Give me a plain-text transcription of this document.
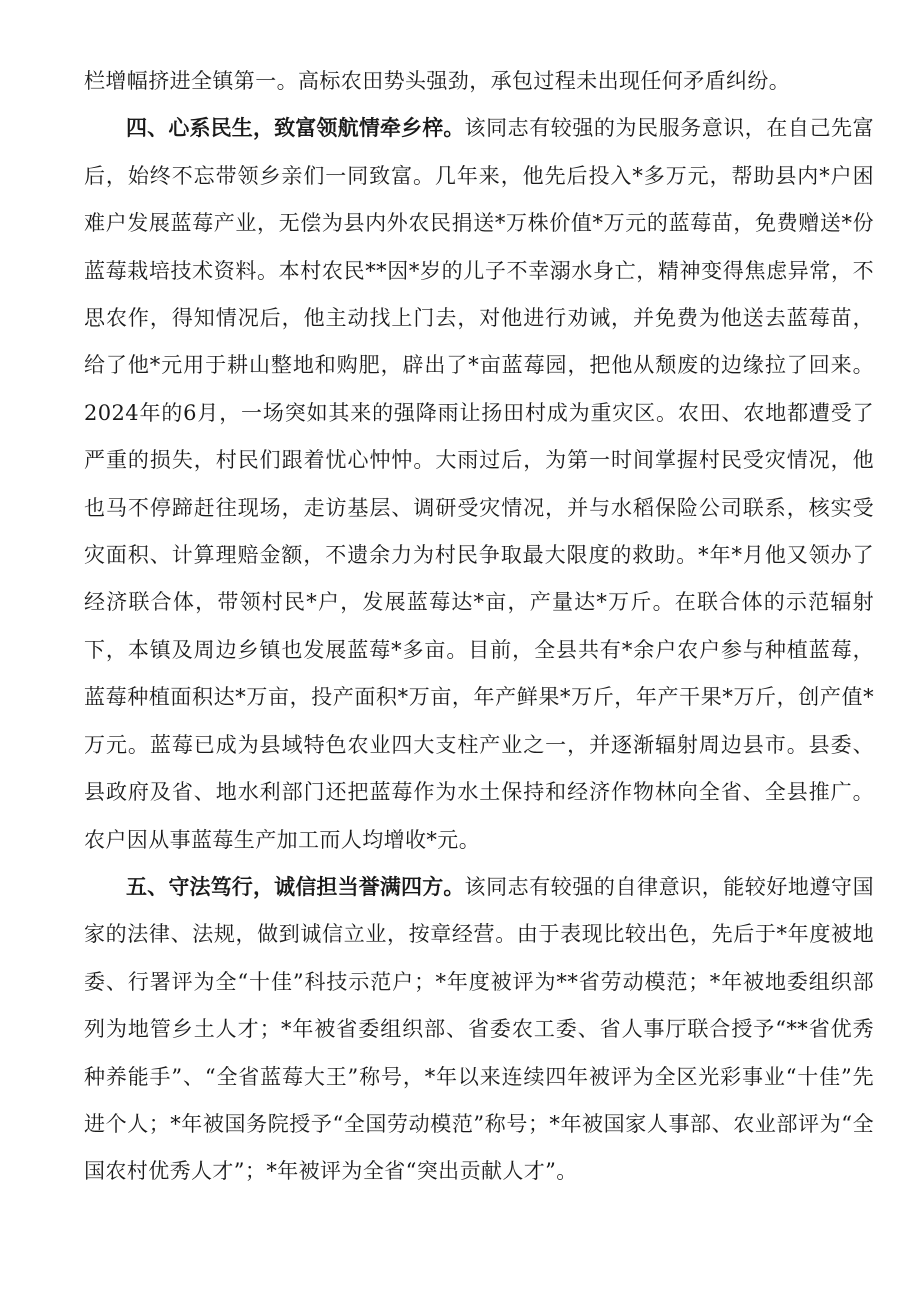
栏增幅挤进全镇第一。高标农田势头强劲，承包过程未出现任何矛盾纠纷。

四、心系民生，致富领航情牵乡梓。该同志有较强的为民服务意识，在自己先富后，始终不忘带领乡亲们一同致富。几年来，他先后投入*多万元，帮助县内*户困难户发展蓝莓产业，无偿为县内外农民捐送*万株价值*万元的蓝莓苗，免费赠送*份蓝莓栽培技术资料。本村农民**因*岁的儿子不幸溺水身亡，精神变得焦虑异常，不思农作，得知情况后，他主动找上门去，对他进行劝诫，并免费为他送去蓝莓苗，给了他*元用于耕山整地和购肥，辟出了*亩蓝莓园，把他从颓废的边缘拉了回来。2024年的6月，一场突如其来的强降雨让扬田村成为重灾区。农田、农地都遭受了严重的损失，村民们跟着忧心忡忡。大雨过后，为第一时间掌握村民受灾情况，他也马不停蹄赶往现场，走访基层、调研受灾情况，并与水稻保险公司联系，核实受灾面积、计算理赔金额，不遗余力为村民争取最大限度的救助。*年*月他又领办了经济联合体，带领村民*户，发展蓝莓达*亩，产量达*万斤。在联合体的示范辐射下，本镇及周边乡镇也发展蓝莓*多亩。目前，全县共有*余户农户参与种植蓝莓，蓝莓种植面积达*万亩，投产面积*万亩，年产鲜果*万斤，年产干果*万斤，创产值*万元。蓝莓已成为县域特色农业四大支柱产业之一，并逐渐辐射周边县市。县委、县政府及省、地水利部门还把蓝莓作为水土保持和经济作物林向全省、全县推广。农户因从事蓝莓生产加工而人均增收*元。

五、守法笃行，诚信担当誉满四方。该同志有较强的自律意识，能较好地遵守国家的法律、法规，做到诚信立业，按章经营。由于表现比较出色，先后于*年度被地委、行署评为全“十佳”科技示范户；*年度被评为**省劳动模范；*年被地委组织部列为地管乡土人才；*年被省委组织部、省委农工委、省人事厅联合授予“**省优秀种养能手”、“全省蓝莓大王”称号，*年以来连续四年被评为全区光彩事业“十佳”先进个人；*年被国务院授予“全国劳动模范”称号；*年被国家人事部、农业部评为“全国农村优秀人才”；*年被评为全省“突出贡献人才”。
